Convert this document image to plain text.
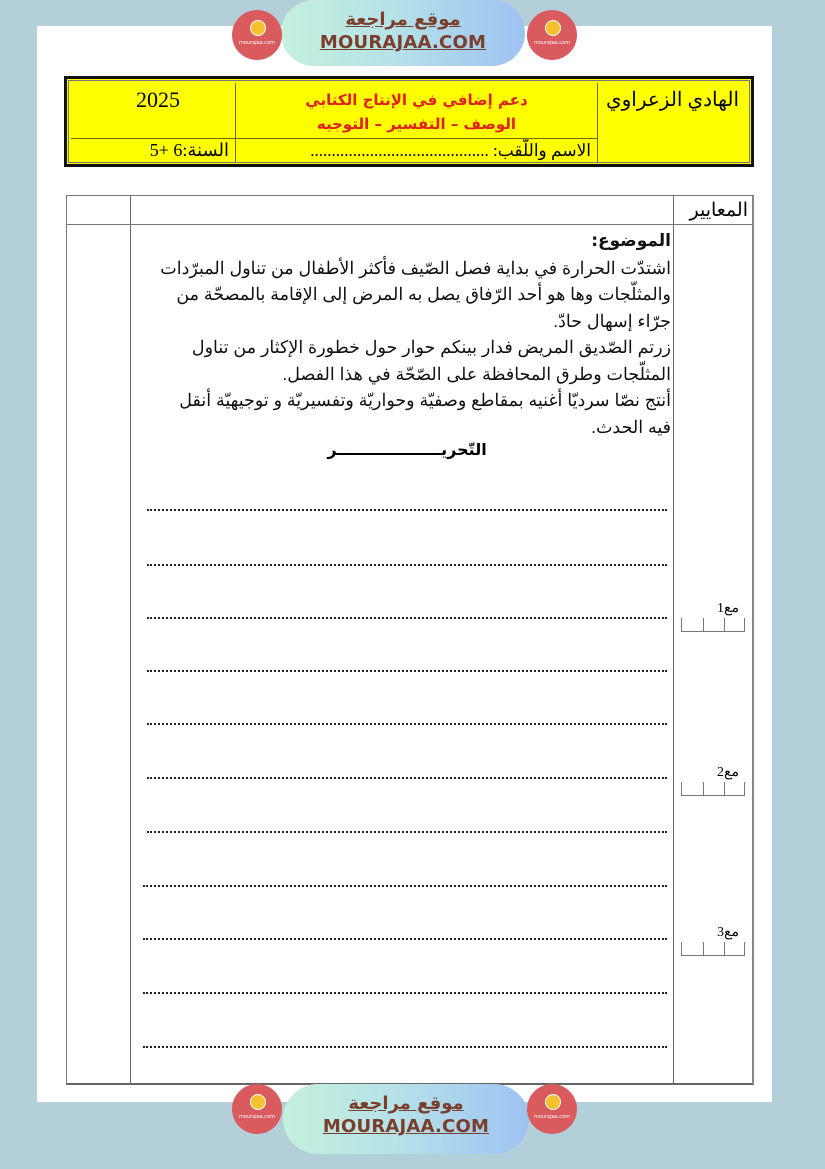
mourajaa.com
موقع مراجعة
MOURAJAA.COM	mourajaa.com
2025	دعم إضافي في الإنتاج الكتابي
الوصف – التفسير – التوجيه
الهادي الزعراوي
السنة:6 +5	الاسم واللّقب: ..........................................
المعايير

الموضوع:

اشتدّت الحرارة في بداية فصل الصّيف فأكثر الأطفال من تناول المبرّدات والمثلّجات وها هو أحد الرّفاق يصل به المرض إلى الإقامة بالمصحّة من جرّاء إسهال حادّ.

زرتم الصّديق المريض فدار بينكم حوار حول خطورة الإكثار من تناول المثلّجات وطرق المحافظة على الصّحّة في هذا الفصل.

أنتج نصّا سرديّا أغنيه بمقاطع وصفيّة وحواريّة وتفسيريّة و توجيهيّة أنقل فيه الحدث.

التّحريـــــــــــــــــــر
مع1
مع2
مع3
mourajaa.com
موقع مراجعة
MOURAJAA.COM	mourajaa.com
